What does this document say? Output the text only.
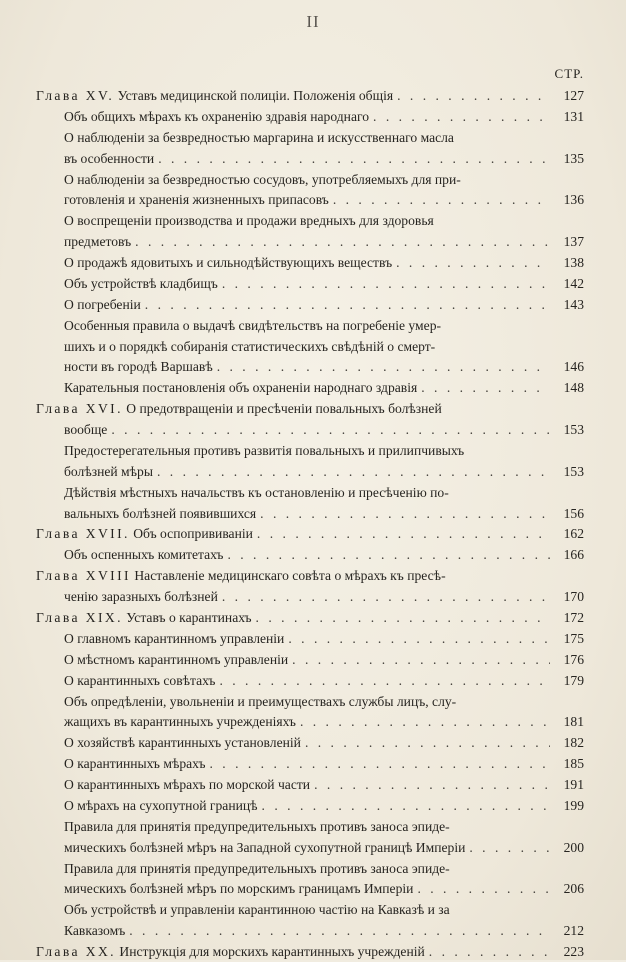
II
СТР.
Глава XV. Уставъ медицинской полиціи. Положенія общія . . .	127
Объ общихъ мѣрахъ къ охраненію здравія народнаго . . .	131
О наблюденіи за безвредностью маргарина и искусственнаго масла
въ особенности . . .	135
О наблюденіи за безвредностью сосудовъ, употребляемыхъ для при-
готовленія и храненія жизненныхъ припасовъ . . .	136
О воспрещеніи производства и продажи вредныхъ для здоровья
предметовъ . . .	137
О продажѣ ядовитыхъ и сильнодѣйствующихъ веществъ . . .	138
Объ устройствѣ кладбищъ . . .	142
О погребеніи . . .	143
Особенныя правила о выдачѣ свидѣтельствъ на погребеніе умер-
шихъ и о порядкѣ собиранія статистическихъ свѣдѣній о смерт-
ности въ городѣ Варшавѣ . . .	146
Карательныя постановленія объ охраненіи народнаго здравія . . .	148
Глава XVI. О предотвращеніи и пресѣченіи повальныхъ болѣзней
вообще . . .	153
Предостерегательныя противъ развитія повальныхъ и прилипчивыхъ
болѣзней мѣры . . .	153
Дѣйствія мѣстныхъ начальствъ къ остановленію и пресѣченію по-
вальныхъ болѣзней появившихся . . .	156
Глава XVII. Объ оспопрививаніи . . .	162
Объ оспенныхъ комитетахъ . . .	166
Глава XVIII Наставленіе медицинскаго совѣта о мѣрахъ къ пресѣ-
ченію заразныхъ болѣзней . . .	170
Глава XIX. Уставъ о карантинахъ . . .	172
О главномъ карантинномъ управленіи . . .	175
О мѣстномъ карантинномъ управленіи . . .	176
О карантинныхъ совѣтахъ . . .	179
Объ опредѣленіи, увольненіи и преимуществахъ службы лицъ, слу-
жащихъ въ карантинныхъ учрежденіяхъ . . .	181
О хозяйствѣ карантинныхъ установленій . . .	182
О карантинныхъ мѣрахъ . . .	185
О карантинныхъ мѣрахъ по морской части . . .	191
О мѣрахъ на сухопутной границѣ . . .	199
Правила для принятія предупредительныхъ противъ заноса эпиде-
мическихъ болѣзней мѣръ на Западной сухопутной границѣ Имперіи . . .	200
Правила для принятія предупредительныхъ противъ заноса эпиде-
мическихъ болѣзней мѣръ по морскимъ границамъ Имперіи . . .	206
Объ устройствѣ и управленіи карантинною частію на Кавказѣ и за
Кавказомъ . . .	212
Глава XX. Инструкція для морскихъ карантинныхъ учрежденій . . .	223
